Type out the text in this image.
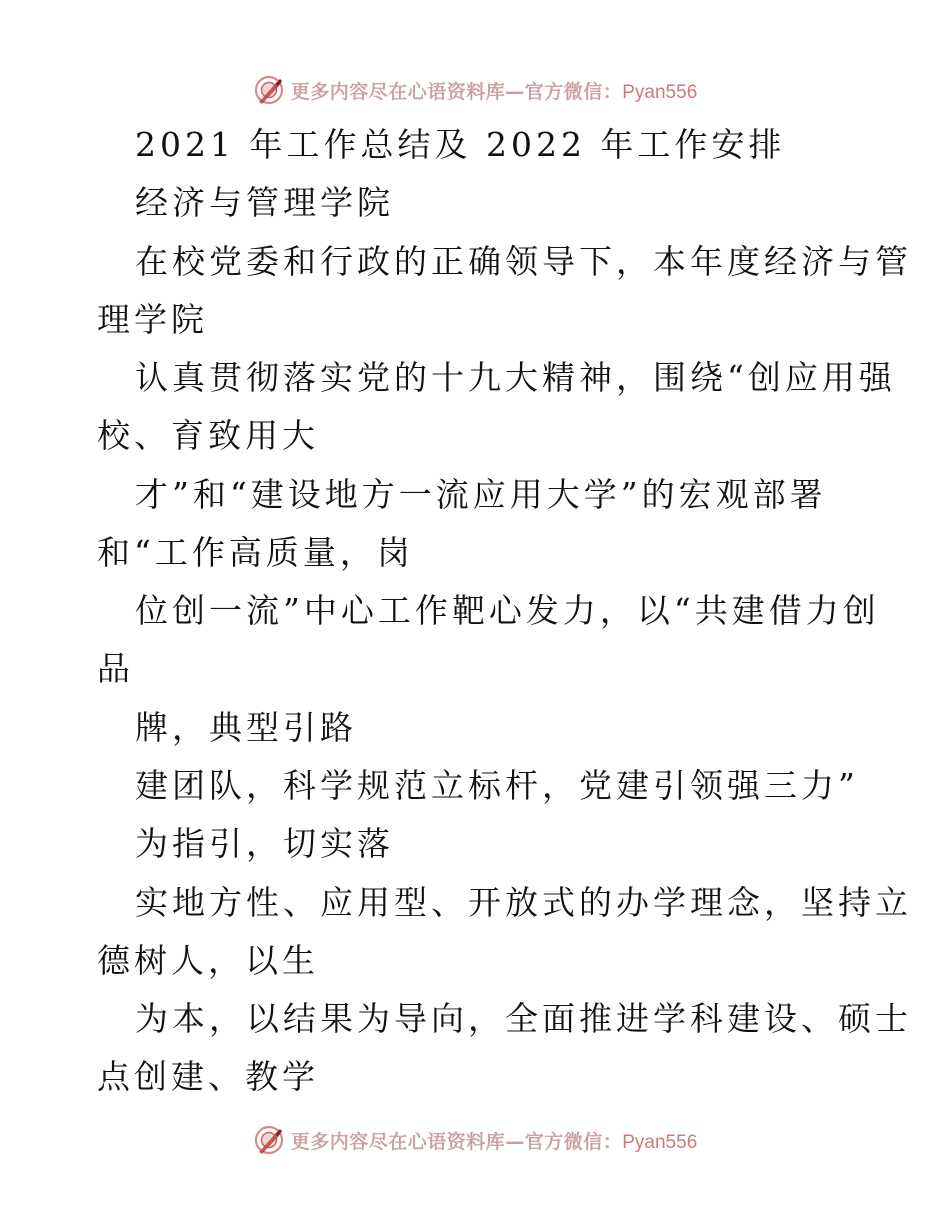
更多内容尽在心语资料库—官方微信：Pyan556
2021 年工作总结及 2022 年工作安排
经济与管理学院
在校党委和行政的正确领导下，本年度经济与管
理学院
认真贯彻落实党的十九大精神，围绕“创应用强
校、育致用大
才”和“建设地方一流应用大学”的宏观部署
和“工作高质量，岗
位创一流”中心工作靶心发力，以“共建借力创
品
牌，典型引路
建团队，科学规范立标杆，党建引领强三力”
为指引，切实落
实地方性、应用型、开放式的办学理念，坚持立
德树人，以生
为本，以结果为导向，全面推进学科建设、硕士
点创建、教学
更多内容尽在心语资料库—官方微信：Pyan556
